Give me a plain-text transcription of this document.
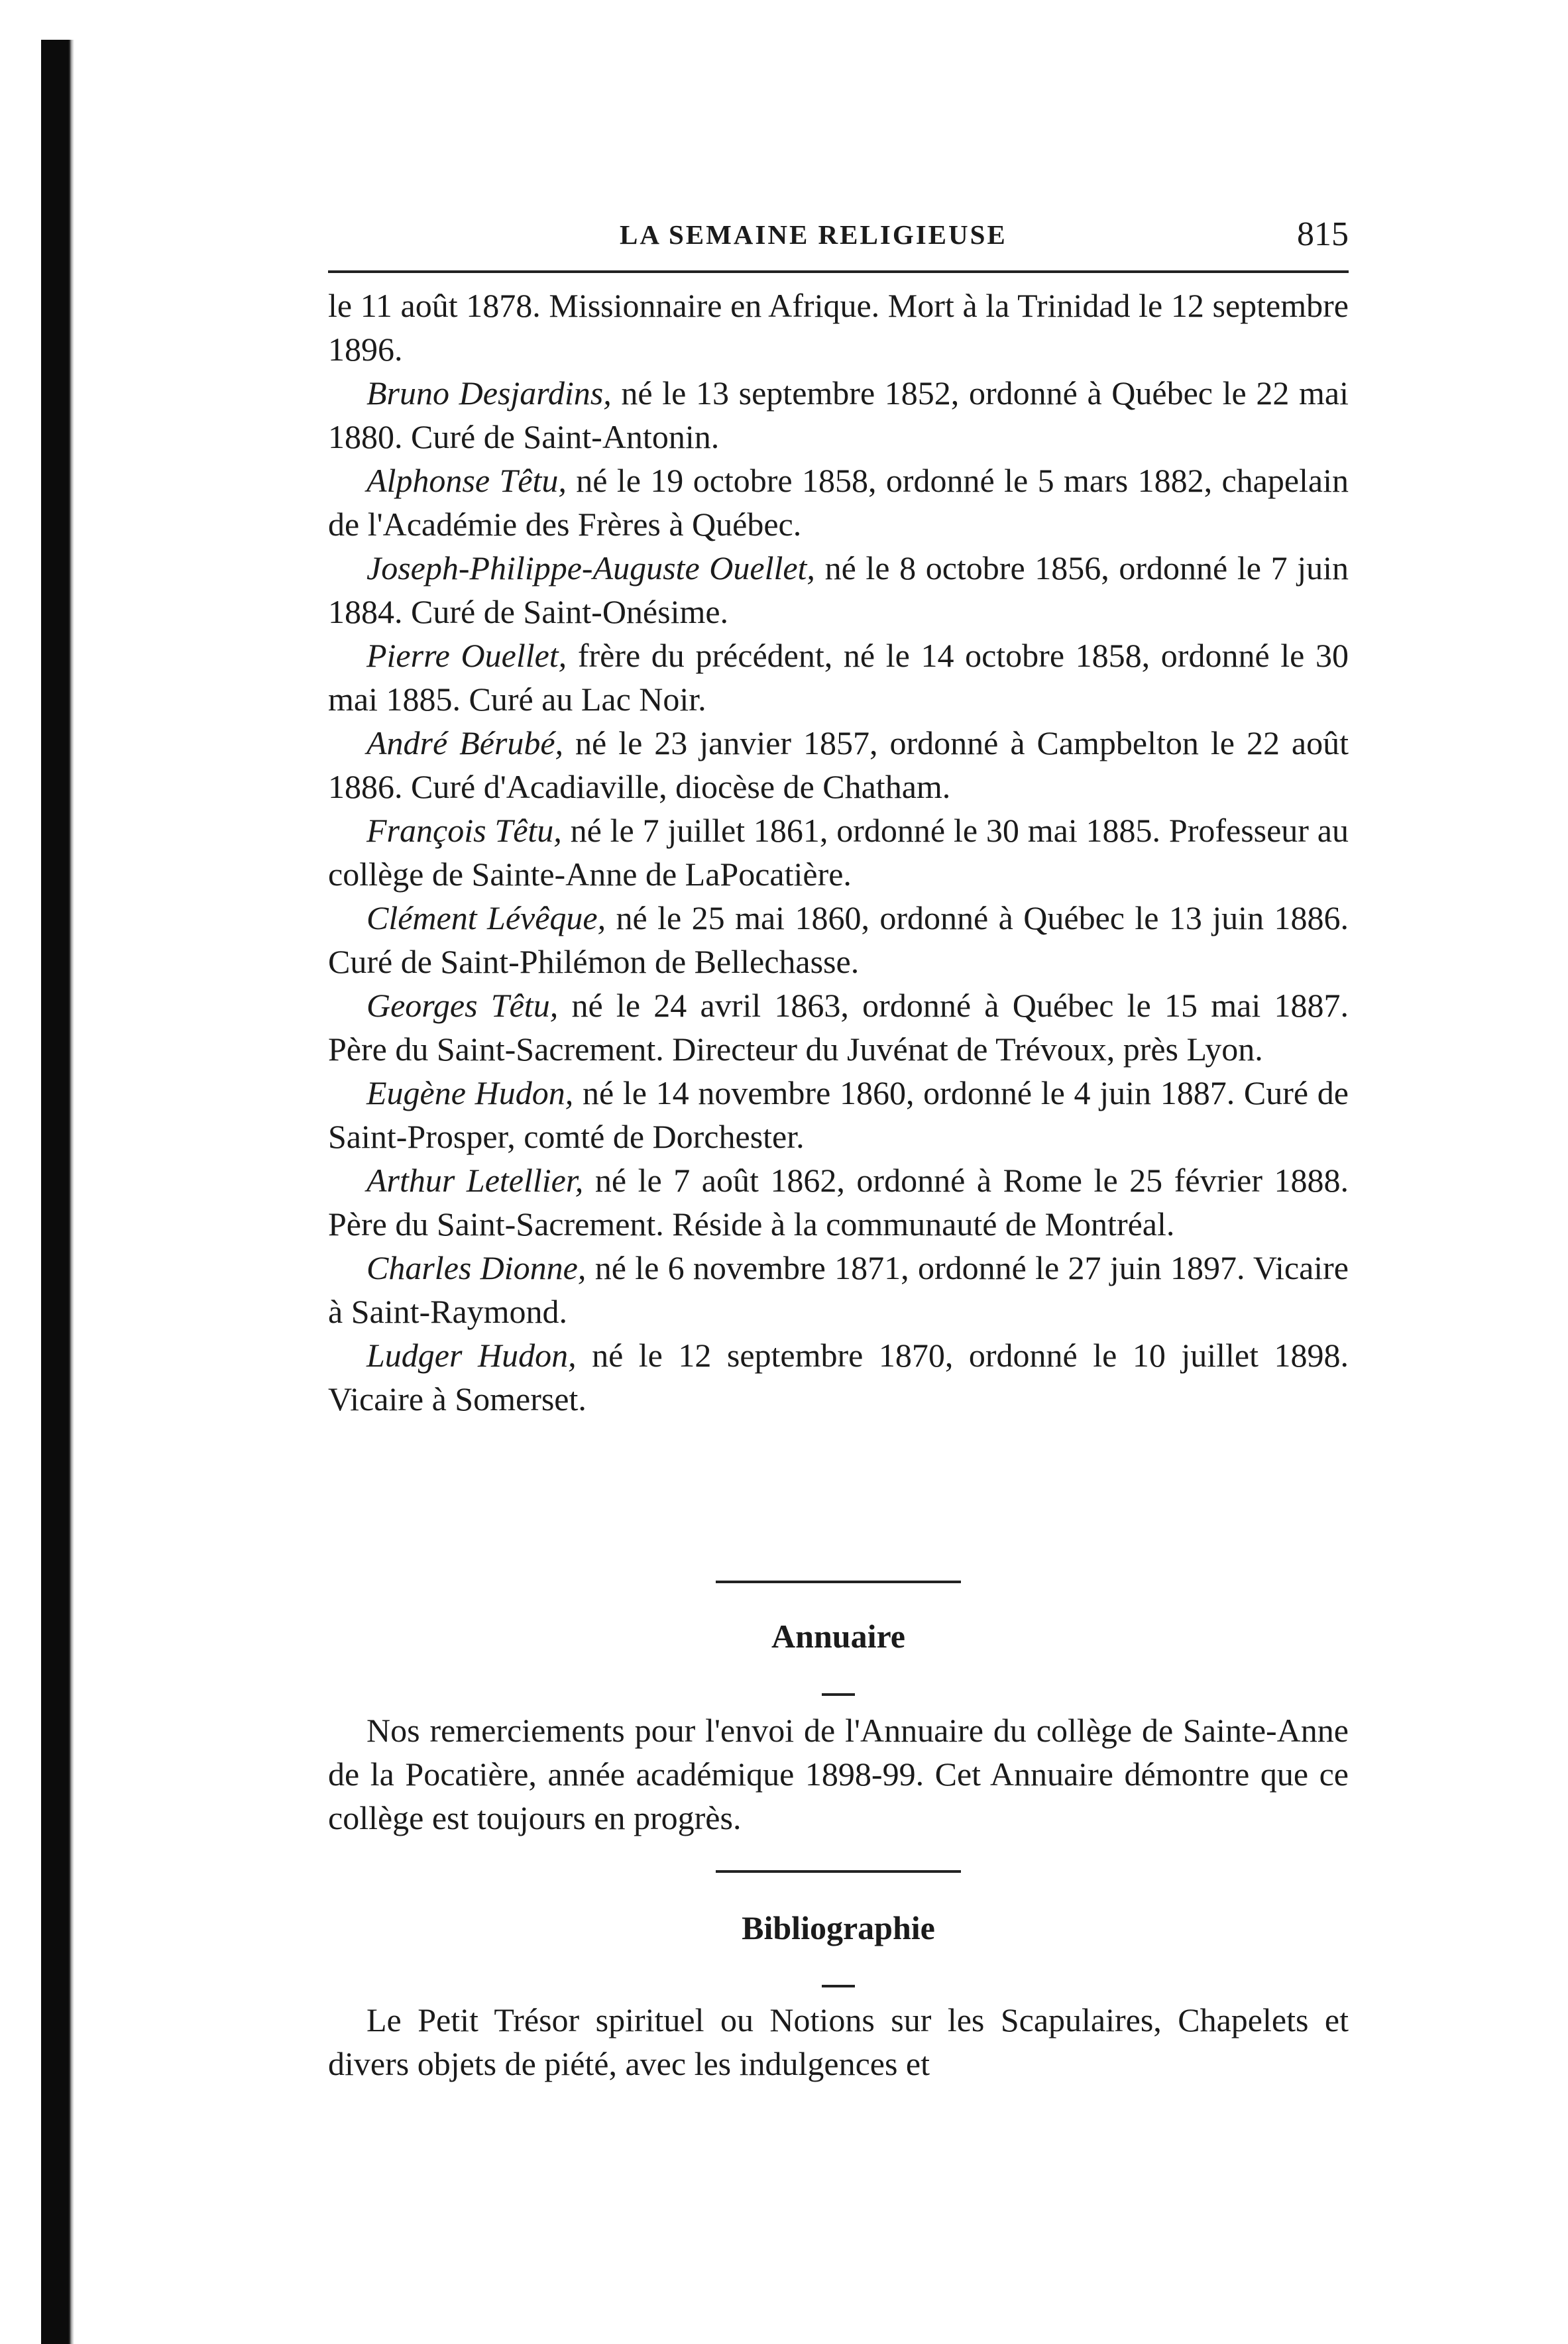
LA SEMAINE RELIGIEUSE	815

le 11 août 1878. Missionnaire en Afrique. Mort à la Trinidad le 12 septembre 1896.

Bruno Desjardins, né le 13 septembre 1852, ordonné à Québec le 22 mai 1880. Curé de Saint-Antonin.

Alphonse Têtu, né le 19 octobre 1858, ordonné le 5 mars 1882, chapelain de l'Académie des Frères à Québec.

Joseph-Philippe-Auguste Ouellet, né le 8 octobre 1856, ordonné le 7 juin 1884. Curé de Saint-Onésime.

Pierre Ouellet, frère du précédent, né le 14 octobre 1858, ordonné le 30 mai 1885. Curé au Lac Noir.

André Bérubé, né le 23 janvier 1857, ordonné à Campbelton le 22 août 1886. Curé d'Acadiaville, diocèse de Chatham.

François Têtu, né le 7 juillet 1861, ordonné le 30 mai 1885. Professeur au collège de Sainte-Anne de LaPocatière.

Clément Lévêque, né le 25 mai 1860, ordonné à Québec le 13 juin 1886. Curé de Saint-Philémon de Bellechasse.

Georges Têtu, né le 24 avril 1863, ordonné à Québec le 15 mai 1887. Père du Saint-Sacrement. Directeur du Juvénat de Trévoux, près Lyon.

Eugène Hudon, né le 14 novembre 1860, ordonné le 4 juin 1887. Curé de Saint-Prosper, comté de Dorchester.

Arthur Letellier, né le 7 août 1862, ordonné à Rome le 25 février 1888. Père du Saint-Sacrement. Réside à la communauté de Montréal.

Charles Dionne, né le 6 novembre 1871, ordonné le 27 juin 1897. Vicaire à Saint-Raymond.

Ludger Hudon, né le 12 septembre 1870, ordonné le 10 juillet 1898. Vicaire à Somerset.

Annuaire

Nos remerciements pour l'envoi de l'Annuaire du collège de Sainte-Anne de la Pocatière, année académique 1898-99. Cet Annuaire démontre que ce collège est toujours en progrès.

Bibliographie

Le Petit Trésor spirituel ou Notions sur les Scapulaires, Chapelets et divers objets de piété, avec les indulgences et
